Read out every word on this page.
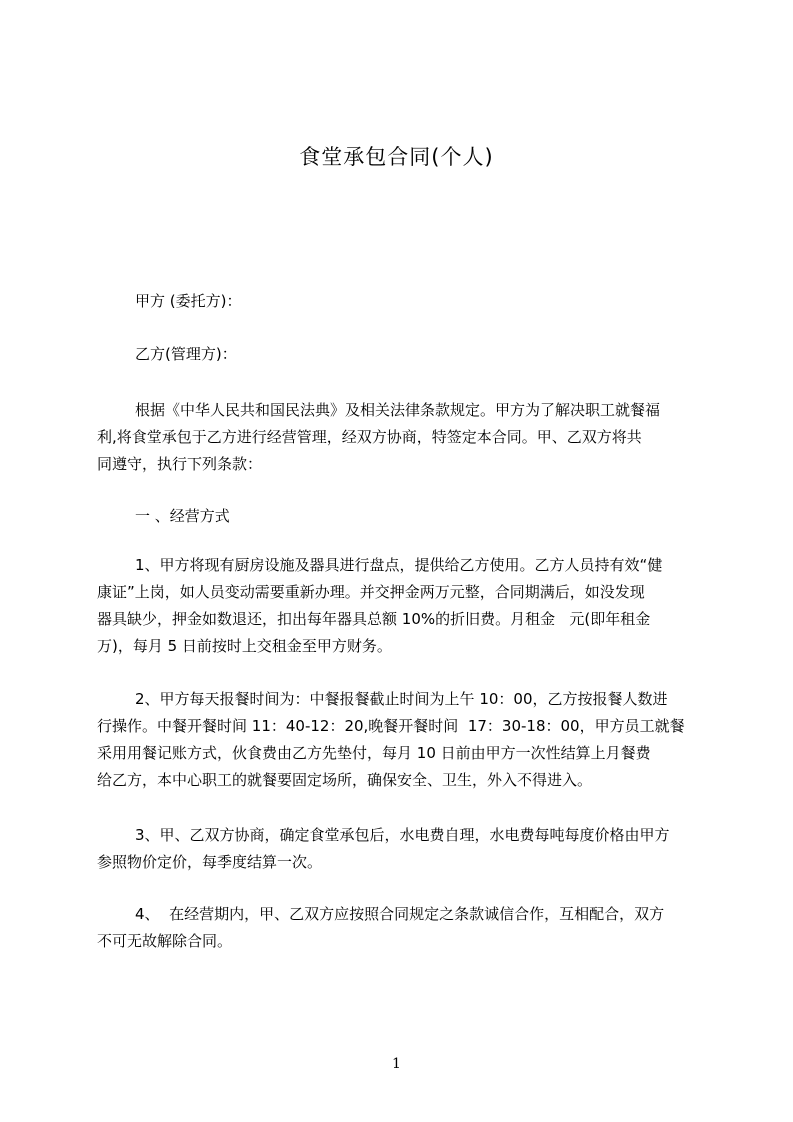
食堂承包合同(个人)

甲方 (委托方)：

乙方(管理方)：

根据《中华人民共和国民法典》及相关法律条款规定。甲方为了解决职工就餐福
利,将食堂承包于乙方进行经营管理，经双方协商，特签定本合同。甲、乙双方将共
同遵守，执行下列条款：

一 、经营方式

1、甲方将现有厨房设施及器具进行盘点，提供给乙方使用。乙方人员持有效“健
康证”上岗，如人员变动需要重新办理。并交押金两万元整，合同期满后，如没发现
器具缺少，押金如数退还，扣出每年器具总额 10%的折旧费。月租金   元(即年租金
万)，每月 5 日前按时上交租金至甲方财务。

2、甲方每天报餐时间为：中餐报餐截止时间为上午 10：00，乙方按报餐人数进
行操作。中餐开餐时间 11：40-12：20,晚餐开餐时间  17：30-18：00，甲方员工就餐
采用用餐记账方式，伙食费由乙方先垫付，每月 10 日前由甲方一次性结算上月餐费
给乙方，本中心职工的就餐要固定场所，确保安全、卫生，外入不得进入。

3、甲、乙双方协商，确定食堂承包后，水电费自理，水电费每吨每度价格由甲方
参照物价定价，每季度结算一次。

4、  在经营期内，甲、乙双方应按照合同规定之条款诚信合作，互相配合，双方
不可无故解除合同。

1
